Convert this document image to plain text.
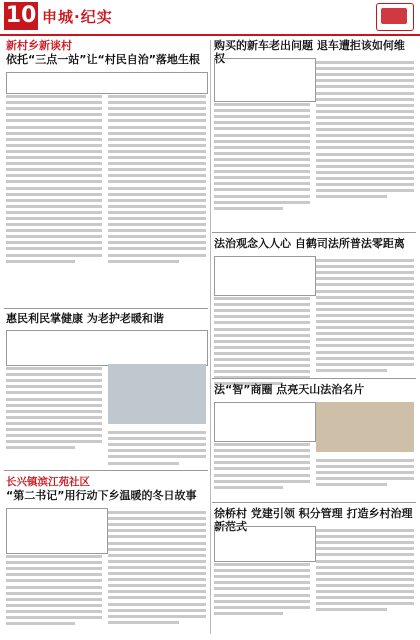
10 申城·纪实
新村乡新谈村
依托“三点一站”让“村民自治”落地生根
惠民利民掌健康 为老护老暖和谐
长兴镇滨江苑社区
“第二书记”用行动下乡温暖的冬日故事
购买的新车老出问题 退车遭拒该如何维权
法治观念入人心 自鹤司法所普法零距离
法“智”商圈 点亮天山法治名片
徐桥村 党建引领 积分管理 打造乡村治理新范式
